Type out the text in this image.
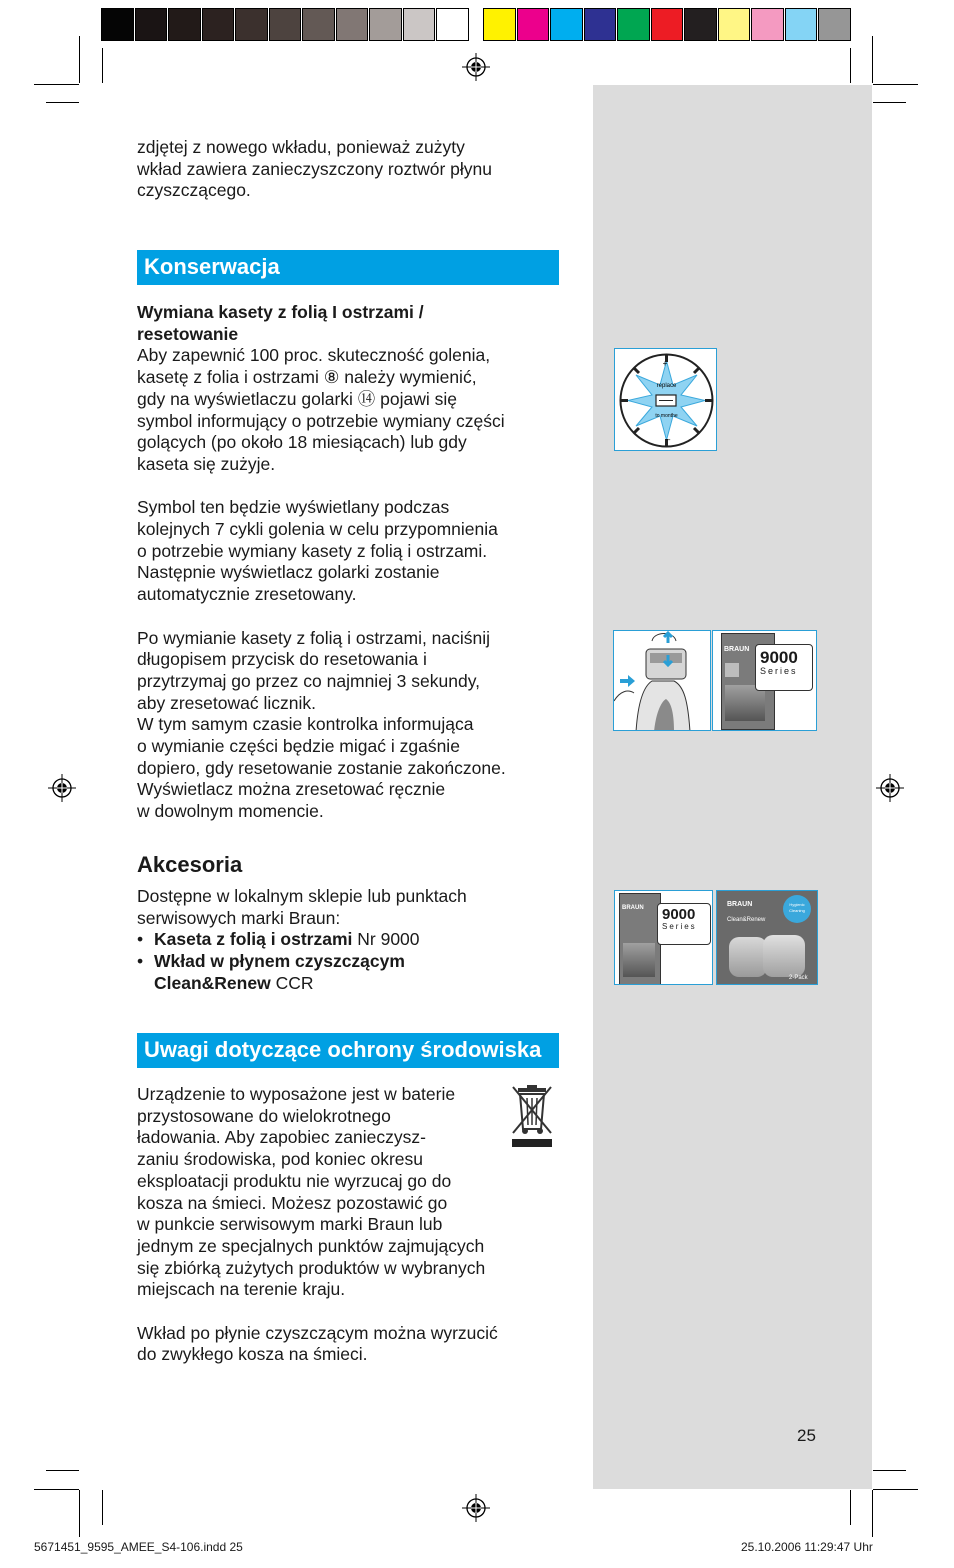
zdjętej z nowego wkładu, ponieważ zużyty
wkład zawiera zanieczyszczony roztwór płynu
czyszczącego.
Konserwacja
Wymiana kasety z folią I ostrzami /
resetowanie
Aby zapewnić 100 proc. skuteczność golenia,
kasetę z folia i ostrzami ⑧ należy wymienić,
gdy na wyświetlaczu golarki ⑭ pojawi się
symbol informujący o potrzebie wymiany części
golących (po około 18 miesiącach) lub gdy
kaseta się zużyje.
Symbol ten będzie wyświetlany podczas
kolejnych 7 cykli golenia w celu przypomnienia
o potrzebie wymiany kasety z folią i ostrzami.
Następnie wyświetlacz golarki zostanie
automatycznie zresetowany.
Po wymianie kasety z folią i ostrzami, naciśnij
długopisem przycisk do resetowania i
przytrzymaj go przez co najmniej 3 sekundy,
aby zresetować licznik.
W tym samym czasie kontrolka informująca
o wymianie części będzie migać i zgaśnie
dopiero, gdy resetowanie zostanie zakończone.
Wyświetlacz można zresetować ręcznie
w dowolnym momencie.
Akcesoria
Dostępne w lokalnym sklepie lub punktach
serwisowych marki Braun:
• Kaseta z folią i ostrzami Nr 9000
• Wkład w płynem czyszczącym
Clean&Renew CCR
Uwagi dotyczące ochrony środowiska
Urządzenie to wyposażone jest w baterie
przystosowane do wielokrotnego
ładowania. Aby zapobiec zanieczysz-
zaniu środowiska, pod koniec okresu
eksploatacji produktu nie wyrzucaj go do
kosza na śmieci. Możesz pozostawić go
w punkcie serwisowym marki Braun lub
jednym ze specjalnych punktów zajmujących
się zbiórką zużytych produktów w wybranych
miejscach na terenie kraju.
Wkład po płynie czyszczącym można wyrzucić
do zwykłego kosza na śmieci.
replace
to monthe
+
–
BRAUN 9000
Series
BRAUN 9000
Series
BRAUN
Clean&Renew
Hygienic Cleaning
2-Pack
25
5671451_9595_AMEE_S4-106.indd 25	25.10.2006 11:29:47 Uhr
